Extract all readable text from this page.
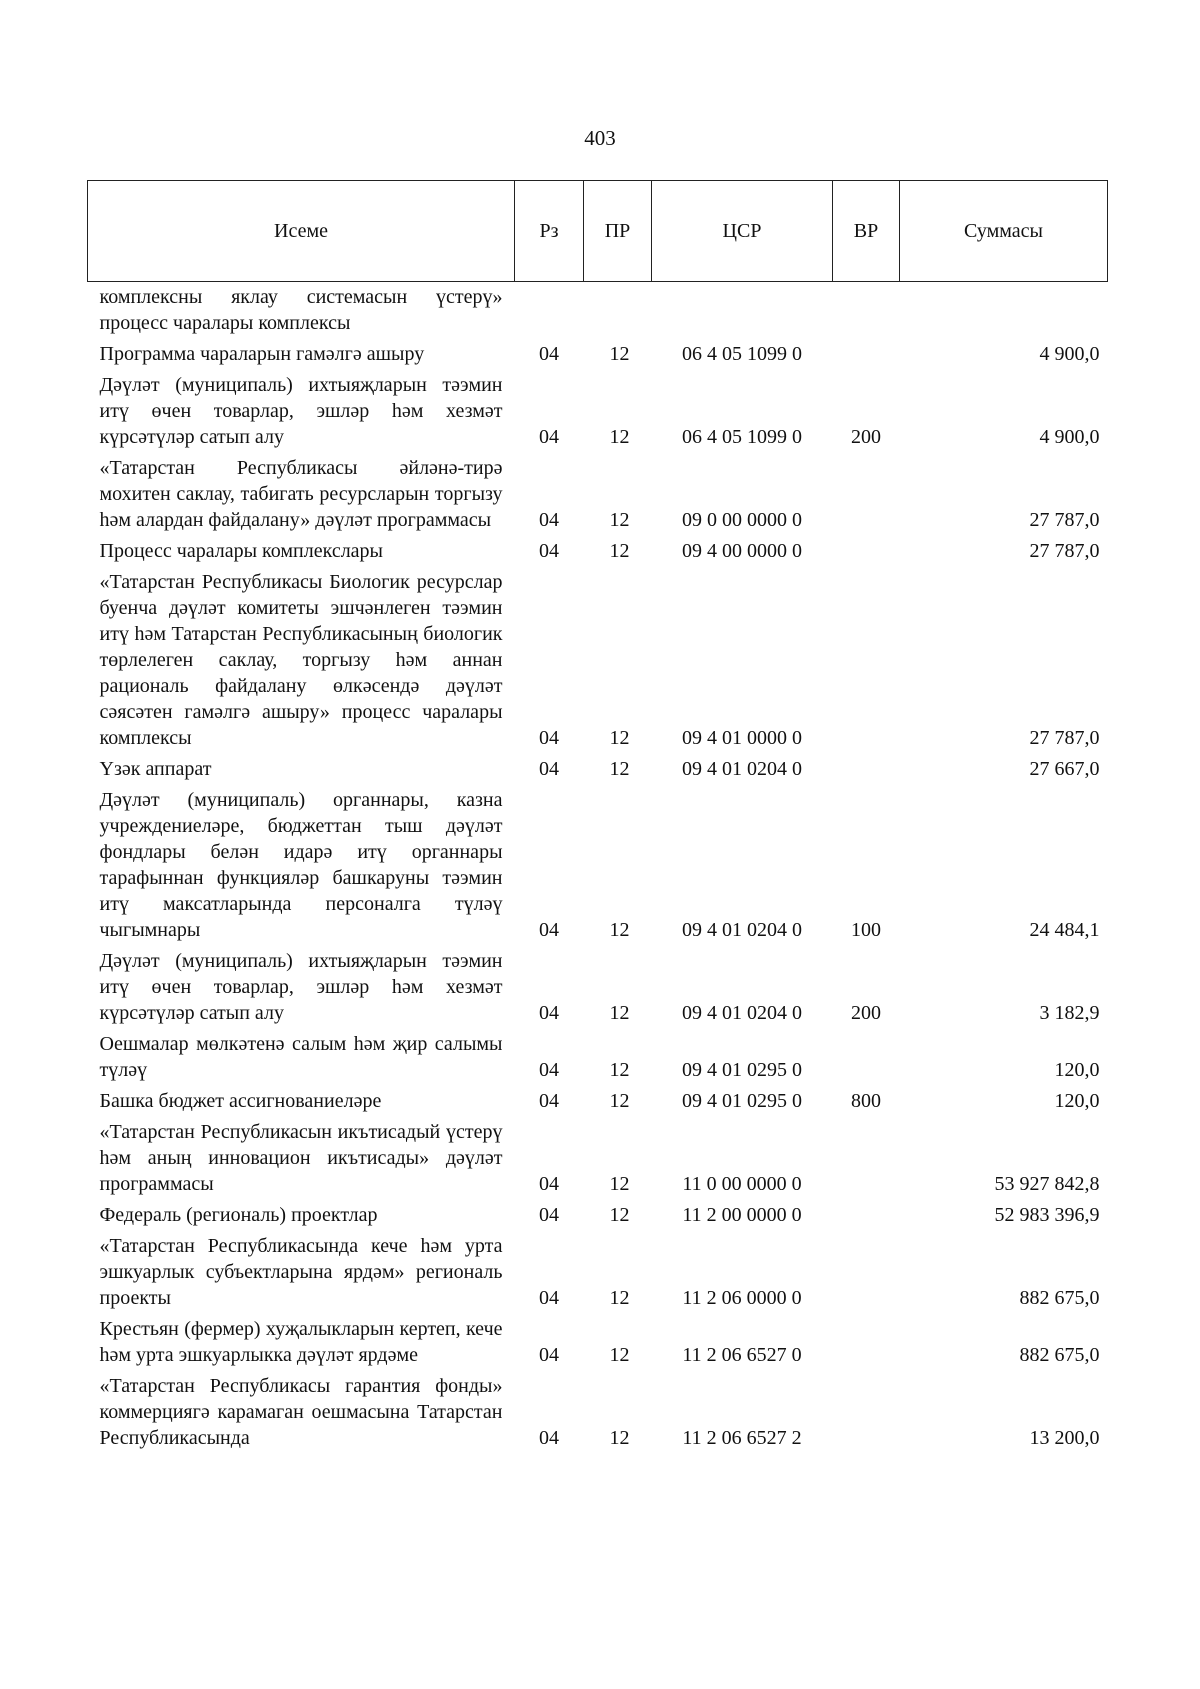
403
Исеме	Рз	ПР	ЦСР	ВР	Суммасы
комплексны яклау системасын үстерү» процесс чаралары комплексы					
Программа чараларын гамәлгә ашыру	04	12	06 4 05 1099 0		4 900,0
Дәүләт (муниципаль) ихтыяҗларын тәэмин итү өчен товарлар, эшләр һәм хезмәт күрсәтүләр сатып алу	04	12	06 4 05 1099 0	200	4 900,0
«Татарстан Республикасы әйләнә-тирә мохитен саклау, табигать ресурсларын торгызу һәм алардан файдалану» дәүләт программасы	04	12	09 0 00 0000 0		27 787,0
Процесс чаралары комплекслары	04	12	09 4 00 0000 0		27 787,0
«Татарстан Республикасы Биологик ресурслар буенча дәүләт комитеты эшчәнлеген тәэмин итү һәм Татарстан Республикасының биологик төрлелеген саклау, торгызу һәм аннан рациональ файдалану өлкәсендә дәүләт сәясәтен гамәлгә ашыру» процесс чаралары комплексы	04	12	09 4 01 0000 0		27 787,0
Үзәк аппарат	04	12	09 4 01 0204 0		27 667,0
Дәүләт (муниципаль) органнары, казна учреждениеләре, бюджеттан тыш дәүләт фондлары белән идарә итү органнары тарафыннан функцияләр башкаруны тәэмин итү максатларында персоналга түләү чыгымнары	04	12	09 4 01 0204 0	100	24 484,1
Дәүләт (муниципаль) ихтыяҗларын тәэмин итү өчен товарлар, эшләр һәм хезмәт күрсәтүләр сатып алу	04	12	09 4 01 0204 0	200	3 182,9
Оешмалар мөлкәтенә салым һәм җир салымы түләү	04	12	09 4 01 0295 0		120,0
Башка бюджет ассигнованиеләре	04	12	09 4 01 0295 0	800	120,0
«Татарстан Республикасын икътисадый үстерү һәм аның инновацион икътисады» дәүләт программасы	04	12	11 0 00 0000 0		53 927 842,8
Федераль (региональ) проектлар	04	12	11 2 00 0000 0		52 983 396,9
«Татарстан Республикасында кече һәм урта эшкуарлык субъектларына ярдәм» региональ проекты	04	12	11 2 06 0000 0		882 675,0
Крестьян (фермер) хуҗалыкларын кертеп, кече һәм урта эшкуарлыкка дәүләт ярдәме	04	12	11 2 06 6527 0		882 675,0
«Татарстан Республикасы гарантия фонды» коммерциягә карамаган оешмасына Татарстан Республикасында	04	12	11 2 06 6527 2		13 200,0
